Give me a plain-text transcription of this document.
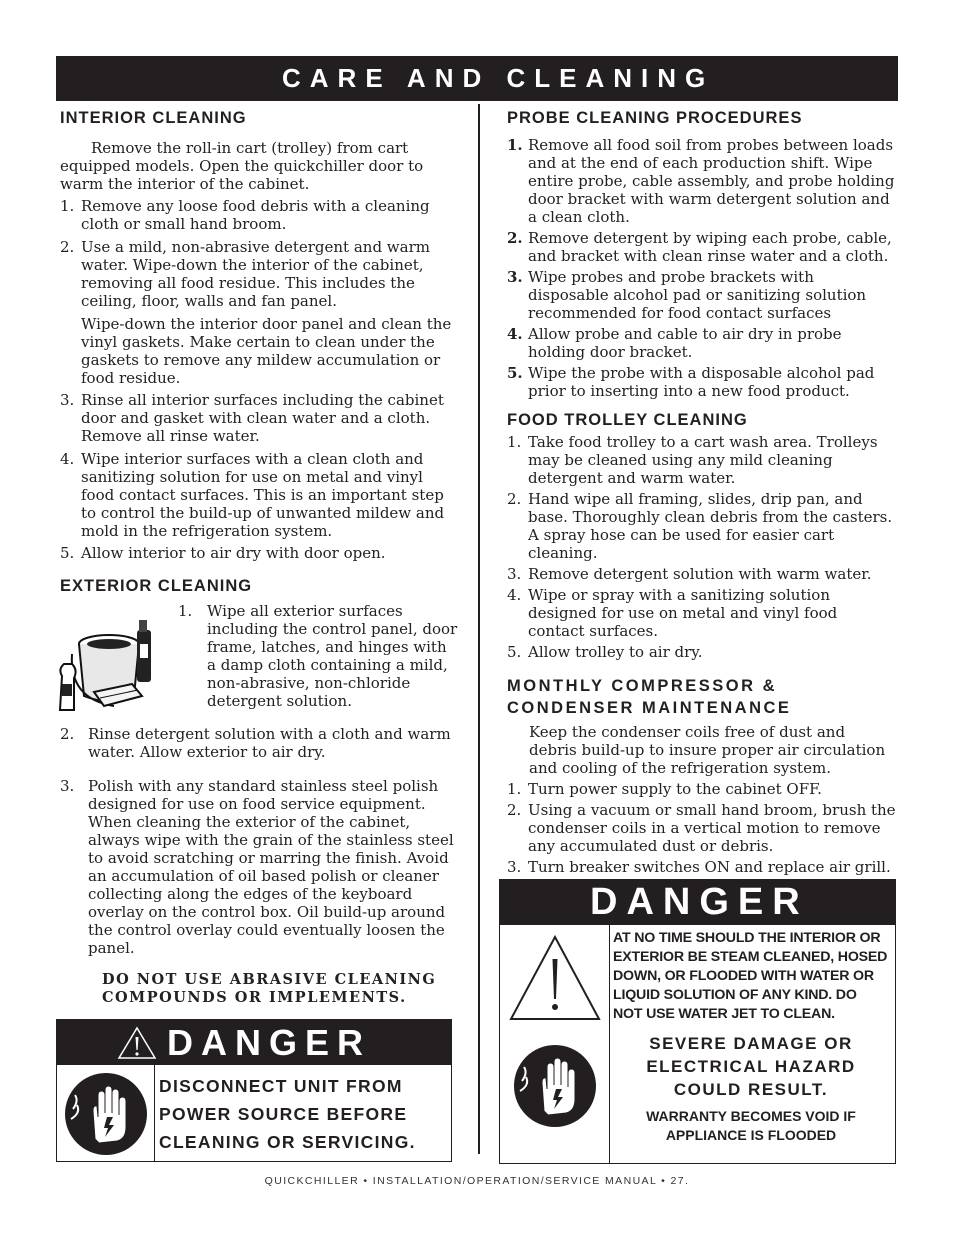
CARE AND CLEANING
INTERIOR CLEANING

Remove the roll-in cart (trolley) from cart equipped models. Open the quickchiller door to warm the interior of the cabinet.

1. Remove any loose food debris with a cleaning cloth or small hand broom.
2. Use a mild, non-abrasive detergent and warm water. Wipe-down the interior of the cabinet, removing all food residue. This includes the ceiling, floor, walls and fan panel.
Wipe-down the interior door panel and clean the vinyl gaskets. Make certain to clean under the gaskets to remove any mildew accumulation or food residue.
3. Rinse all interior surfaces including the cabinet door and gasket with clean water and a cloth. Remove all rinse water.
4. Wipe interior surfaces with a clean cloth and sanitizing solution for use on metal and vinyl food contact surfaces. This is an important step to control the build-up of unwanted mildew and mold in the refrigeration system.
5. Allow interior to air dry with door open.
EXTERIOR CLEANING
1. Wipe all exterior surfaces including the control panel, door frame, latches, and hinges with a damp cloth containing a mild, non-abrasive, non-chloride detergent solution.
2. Rinse detergent solution with a cloth and warm water. Allow exterior to air dry.
3. Polish with any standard stainless steel polish designed for use on food service equipment. When cleaning the exterior of the cabinet, always wipe with the grain of the stainless steel to avoid scratching or marring the finish. Avoid an accumulation of oil based polish or cleaner collecting along the edges of the keyboard overlay on the control box. Oil build-up around the control overlay could eventually loosen the panel.
DO NOT USE ABRASIVE CLEANING COMPOUNDS OR IMPLEMENTS.
DANGER
DISCONNECT UNIT FROM
POWER SOURCE BEFORE
CLEANING OR SERVICING.
PROBE CLEANING PROCEDURES
1. Remove all food soil from probes between loads and at the end of each production shift. Wipe entire probe, cable assembly, and probe holding door bracket with warm detergent solution and a clean cloth.
2. Remove detergent by wiping each probe, cable, and bracket with clean rinse water and a cloth.
3. Wipe probes and probe brackets with disposable alcohol pad or sanitizing solution recommended for food contact surfaces
4. Allow probe and cable to air dry in probe holding door bracket.
5. Wipe the probe with a disposable alcohol pad prior to inserting into a new food product.
FOOD TROLLEY CLEANING
1. Take food trolley to a cart wash area. Trolleys may be cleaned using any mild cleaning detergent and warm water.
2. Hand wipe all framing, slides, drip pan, and base. Thoroughly clean debris from the casters. A spray hose can be used for easier cart cleaning.
3. Remove detergent solution with warm water.
4. Wipe or spray with a sanitizing solution designed for use on metal and vinyl food contact surfaces.
5. Allow trolley to air dry.
MONTHLY COMPRESSOR &
CONDENSER MAINTENANCE

Keep the condenser coils free of dust and debris build-up to insure proper air circulation and cooling of the refrigeration system.

1. Turn power supply to the cabinet OFF.
2. Using a vacuum or small hand broom, brush the condenser coils in a vertical motion to remove any accumulated dust or debris.
3. Turn breaker switches ON and replace air grill.
DANGER
AT NO TIME SHOULD THE INTERIOR OR EXTERIOR BE STEAM CLEANED, HOSED DOWN, OR FLOODED WITH WATER OR LIQUID SOLUTION OF ANY KIND. DO NOT USE WATER JET TO CLEAN.
SEVERE DAMAGE OR ELECTRICAL HAZARD COULD RESULT.
WARRANTY BECOMES VOID IF APPLIANCE IS FLOODED
QUICKCHILLER • INSTALLATION/OPERATION/SERVICE MANUAL • 27.
